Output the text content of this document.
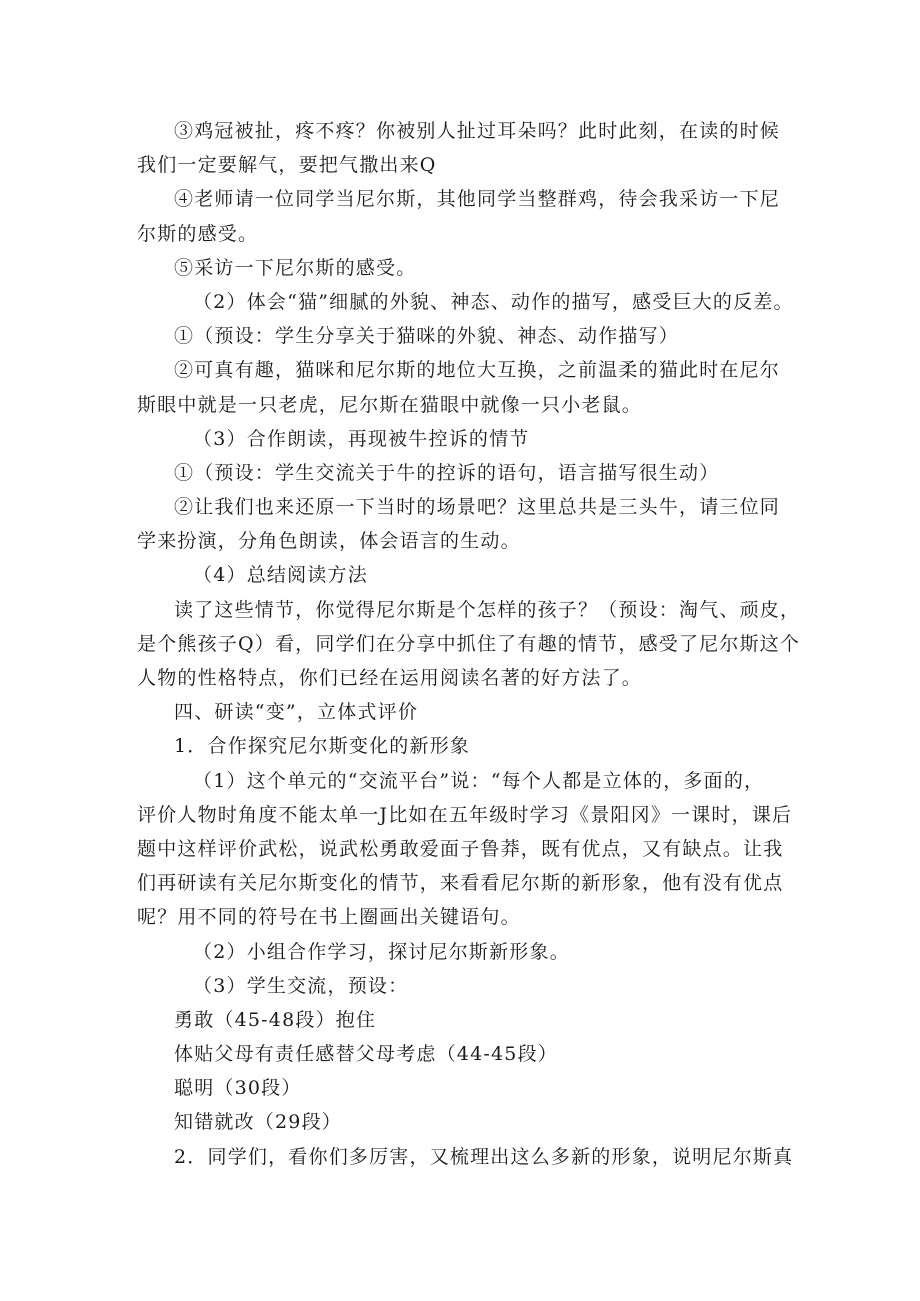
③鸡冠被扯，疼不疼？你被别人扯过耳朵吗？此时此刻，在读的时候
我们一定要解气，要把气撒出来Q
④老师请一位同学当尼尔斯，其他同学当整群鸡，待会我采访一下尼
尔斯的感受。
⑤采访一下尼尔斯的感受。
（2）体会“猫”细腻的外貌、神态、动作的描写，感受巨大的反差。
①（预设：学生分享关于猫咪的外貌、神态、动作描写）
②可真有趣，猫咪和尼尔斯的地位大互换，之前温柔的猫此时在尼尔
斯眼中就是一只老虎，尼尔斯在猫眼中就像一只小老鼠。
（3）合作朗读，再现被牛控诉的情节
①（预设：学生交流关于牛的控诉的语句，语言描写很生动）
②让我们也来还原一下当时的场景吧？这里总共是三头牛，请三位同
学来扮演，分角色朗读，体会语言的生动。
（4）总结阅读方法
读了这些情节，你觉得尼尔斯是个怎样的孩子？（预设：淘气、顽皮，
是个熊孩子Q）看，同学们在分享中抓住了有趣的情节，感受了尼尔斯这个
人物的性格特点，你们已经在运用阅读名著的好方法了。
四、研读“变”，立体式评价
1．合作探究尼尔斯变化的新形象
（1）这个单元的“交流平台”说：“每个人都是立体的，多面的，
评价人物时角度不能太单一J比如在五年级时学习《景阳冈》一课时，课后
题中这样评价武松，说武松勇敢爱面子鲁莽，既有优点，又有缺点。让我
们再研读有关尼尔斯变化的情节，来看看尼尔斯的新形象，他有没有优点
呢？用不同的符号在书上圈画出关键语句。
（2）小组合作学习，探讨尼尔斯新形象。
（3）学生交流，预设：
勇敢（45-48段）抱住
体贴父母有责任感替父母考虑（44-45段）
聪明（30段）
知错就改（29段）
2．同学们，看你们多厉害，又梳理出这么多新的形象，说明尼尔斯真
